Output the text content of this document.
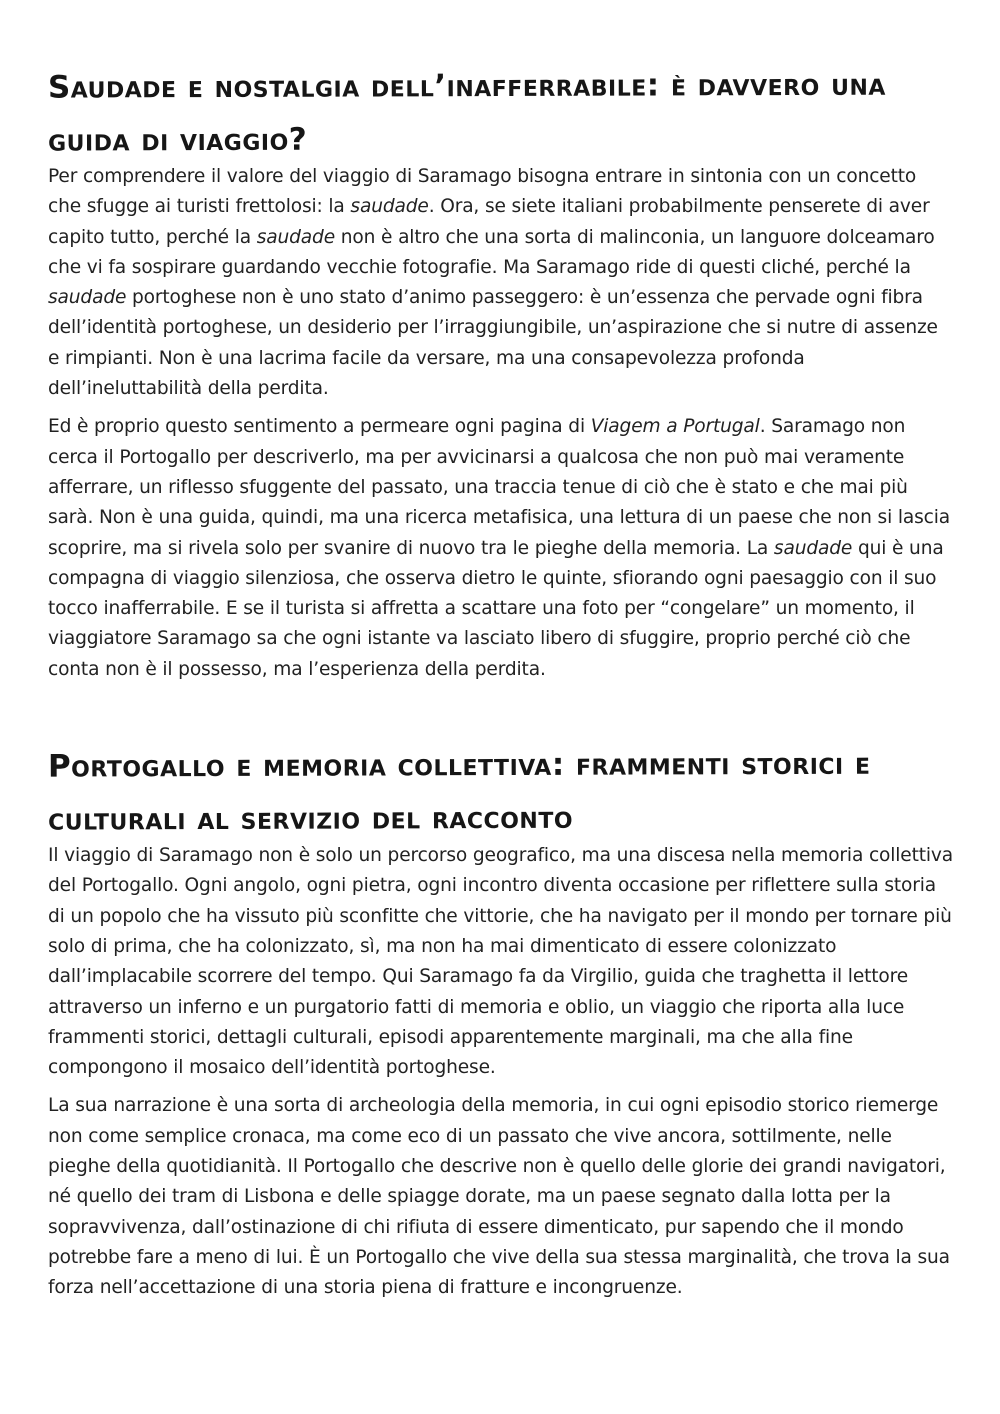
Saudade e nostalgia dell’inafferrabile: è davvero una guida di viaggio?

Per comprendere il valore del viaggio di Saramago bisogna entrare in sintonia con un concetto che sfugge ai turisti frettolosi: la saudade. Ora, se siete italiani probabilmente penserete di aver capito tutto, perché la saudade non è altro che una sorta di malinconia, un languore dolceamaro che vi fa sospirare guardando vecchie fotografie. Ma Saramago ride di questi cliché, perché la saudade portoghese non è uno stato d’animo passeggero: è un’essenza che pervade ogni fibra dell’identità portoghese, un desiderio per l’irraggiungibile, un’aspirazione che si nutre di assenze e rimpianti. Non è una lacrima facile da versare, ma una consapevolezza profonda dell’ineluttabilità della perdita.

Ed è proprio questo sentimento a permeare ogni pagina di Viagem a Portugal. Saramago non cerca il Portogallo per descriverlo, ma per avvicinarsi a qualcosa che non può mai veramente afferrare, un riflesso sfuggente del passato, una traccia tenue di ciò che è stato e che mai più sarà. Non è una guida, quindi, ma una ricerca metafisica, una lettura di un paese che non si lascia scoprire, ma si rivela solo per svanire di nuovo tra le pieghe della memoria. La saudade qui è una compagna di viaggio silenziosa, che osserva dietro le quinte, sfiorando ogni paesaggio con il suo tocco inafferrabile. E se il turista si affretta a scattare una foto per “congelare” un momento, il viaggiatore Saramago sa che ogni istante va lasciato libero di sfuggire, proprio perché ciò che conta non è il possesso, ma l’esperienza della perdita.

Portogallo e memoria collettiva: frammenti storici e culturali al servizio del racconto

Il viaggio di Saramago non è solo un percorso geografico, ma una discesa nella memoria collettiva del Portogallo. Ogni angolo, ogni pietra, ogni incontro diventa occasione per riflettere sulla storia di un popolo che ha vissuto più sconfitte che vittorie, che ha navigato per il mondo per tornare più solo di prima, che ha colonizzato, sì, ma non ha mai dimenticato di essere colonizzato dall’implacabile scorrere del tempo. Qui Saramago fa da Virgilio, guida che traghetta il lettore attraverso un inferno e un purgatorio fatti di memoria e oblio, un viaggio che riporta alla luce frammenti storici, dettagli culturali, episodi apparentemente marginali, ma che alla fine compongono il mosaico dell’identità portoghese.

La sua narrazione è una sorta di archeologia della memoria, in cui ogni episodio storico riemerge non come semplice cronaca, ma come eco di un passato che vive ancora, sottilmente, nelle pieghe della quotidianità. Il Portogallo che descrive non è quello delle glorie dei grandi navigatori, né quello dei tram di Lisbona e delle spiagge dorate, ma un paese segnato dalla lotta per la sopravvivenza, dall’ostinazione di chi rifiuta di essere dimenticato, pur sapendo che il mondo potrebbe fare a meno di lui. È un Portogallo che vive della sua stessa marginalità, che trova la sua forza nell’accettazione di una storia piena di fratture e incongruenze.
